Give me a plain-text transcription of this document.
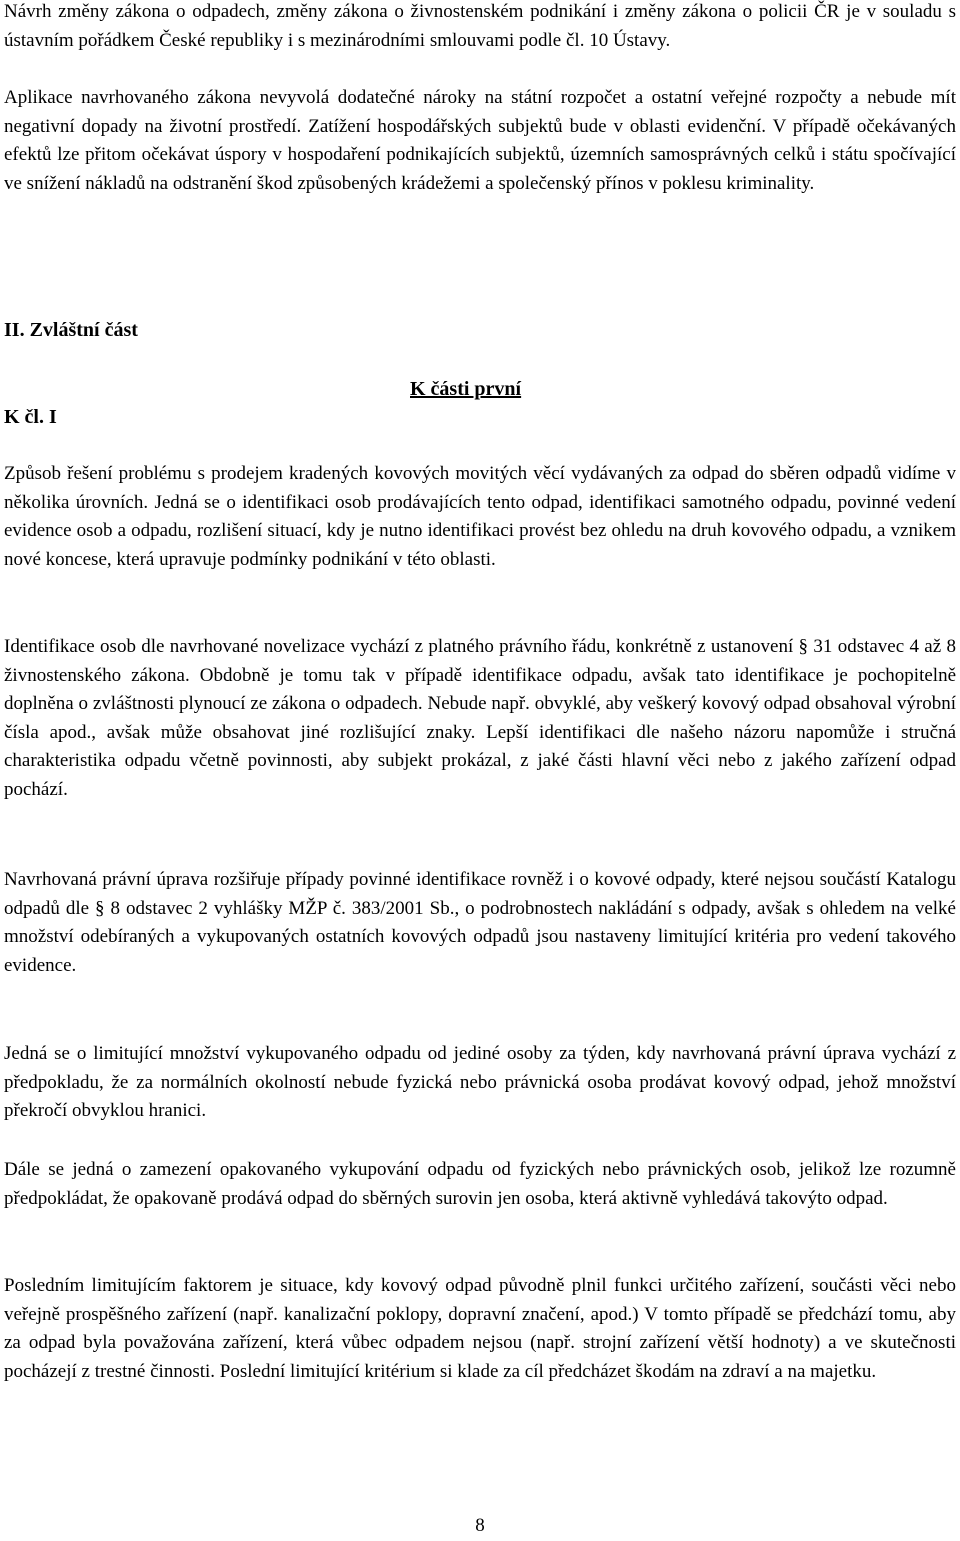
Návrh změny zákona o odpadech, změny zákona o živnostenském podnikání i změny zákona o policii ČR je v souladu s ústavním pořádkem České republiky i s mezinárodními smlouvami podle čl. 10 Ústavy.

Aplikace navrhovaného zákona nevyvolá dodatečné nároky na státní rozpočet a ostatní veřejné rozpočty a nebude mít negativní dopady na životní prostředí. Zatížení hospodářských subjektů bude v oblasti evidenční. V případě očekávaných efektů lze přitom očekávat úspory v hospodaření podnikajících subjektů, územních samosprávných celků i státu spočívající ve snížení nákladů na odstranění škod způsobených krádežemi a společenský přínos v poklesu kriminality.

II. Zvláštní část
K části první
K čl. I

Způsob řešení problému s prodejem kradených kovových movitých věcí vydávaných za odpad do sběren odpadů vidíme v několika úrovních. Jedná se o identifikaci osob prodávajících tento odpad, identifikaci samotného odpadu, povinné vedení evidence osob a odpadu, rozlišení situací, kdy je nutno identifikaci provést bez ohledu na druh kovového odpadu, a vznikem nové koncese, která upravuje podmínky podnikání v této oblasti.

Identifikace osob dle navrhované novelizace vychází z platného právního řádu, konkrétně z ustanovení § 31 odstavec 4 až 8 živnostenského zákona. Obdobně je tomu tak v případě identifikace odpadu, avšak tato identifikace je pochopitelně doplněna o zvláštnosti plynoucí ze zákona o odpadech. Nebude např. obvyklé, aby veškerý kovový odpad obsahoval výrobní čísla apod., avšak může obsahovat jiné rozlišující znaky. Lepší identifikaci dle našeho názoru napomůže i stručná charakteristika odpadu včetně povinnosti, aby subjekt prokázal, z jaké části hlavní věci nebo z jakého zařízení odpad pochází.

Navrhovaná právní úprava rozšiřuje případy povinné identifikace rovněž i o kovové odpady, které nejsou součástí Katalogu odpadů dle § 8 odstavec 2 vyhlášky MŽP č. 383/2001 Sb., o podrobnostech nakládání s odpady, avšak s ohledem na velké množství odebíraných a vykupovaných ostatních kovových odpadů jsou nastaveny limitující kritéria pro vedení takového evidence.

Jedná se o limitující množství vykupovaného odpadu od jediné osoby za týden, kdy navrhovaná právní úprava vychází z předpokladu, že za normálních okolností nebude fyzická nebo právnická osoba prodávat kovový odpad, jehož množství překročí obvyklou hranici.

Dále se jedná o zamezení opakovaného vykupování odpadu od fyzických nebo právnických osob, jelikož lze rozumně předpokládat, že opakovaně prodává odpad do sběrných surovin jen osoba, která aktivně vyhledává takovýto odpad.

Posledním limitujícím faktorem je situace, kdy kovový odpad původně plnil funkci určitého zařízení, součásti věci nebo veřejně prospěšného zařízení (např. kanalizační poklopy, dopravní značení, apod.) V tomto případě se předchází tomu, aby za odpad byla považována zařízení, která vůbec odpadem nejsou (např. strojní zařízení větší hodnoty) a ve skutečnosti pocházejí z trestné činnosti. Poslední limitující kritérium si klade za cíl předcházet škodám na zdraví a na majetku.

8
